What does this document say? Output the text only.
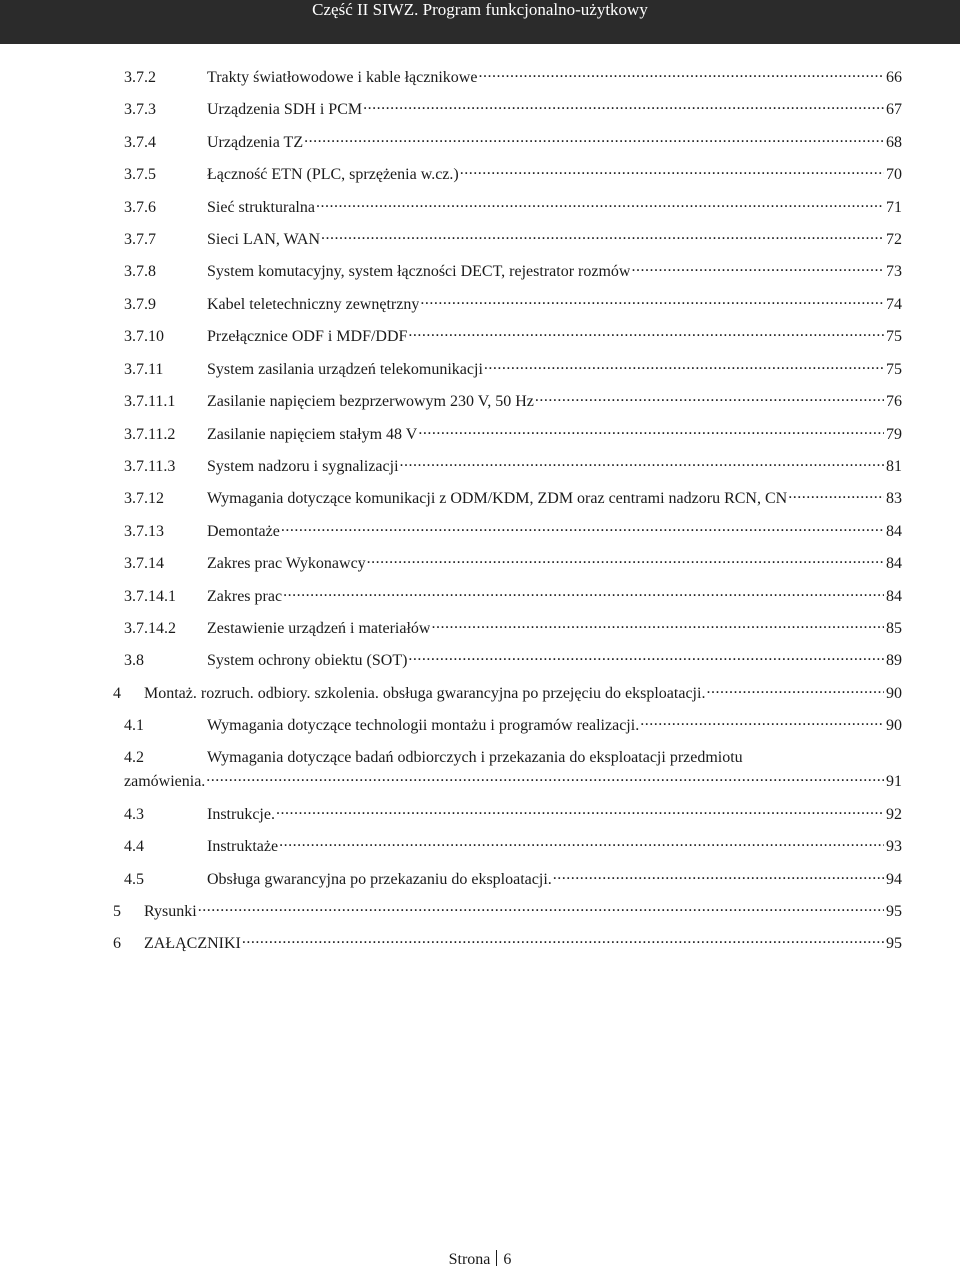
Część II SIWZ. Program funkcjonalno-użytkowy
3.7.2	Trakty światłowodowe i kable łącznikowe .....	66
3.7.3	Urządzenia SDH i PCM .....	67
3.7.4	Urządzenia TZ .....	68
3.7.5	Łączność ETN (PLC, sprzężenia w.cz.) .....	70
3.7.6	Sieć strukturalna .....	71
3.7.7	Sieci LAN, WAN .....	72
3.7.8	System komutacyjny, system łączności DECT, rejestrator rozmów .....	73
3.7.9	Kabel teletechniczny zewnętrzny .....	74
3.7.10	Przełącznice ODF i MDF/DDF .....	75
3.7.11	System zasilania urządzeń telekomunikacji .....	75
3.7.11.1	Zasilanie napięciem bezprzerwowym 230 V, 50 Hz .....	76
3.7.11.2	Zasilanie napięciem stałym 48 V .....	79
3.7.11.3	System nadzoru i sygnalizacji .....	81
3.7.12	Wymagania dotyczące komunikacji z ODM/KDM, ZDM oraz centrami nadzoru RCN, CN .....	83
3.7.13	Demontaże .....	84
3.7.14	Zakres prac Wykonawcy .....	84
3.7.14.1	Zakres prac .....	84
3.7.14.2	Zestawienie urządzeń i materiałów .....	85
3.8	System ochrony obiektu (SOT) .....	89
4	Montaż. rozruch. odbiory. szkolenia. obsługa gwarancyjna po przejęciu do eksploatacji. .....	90
4.1	Wymagania dotyczące technologii montażu i programów realizacji. .....	90
4.2	Wymagania dotyczące badań odbiorczych i przekazania do eksploatacji przedmiotu
zamówienia. .....	91
4.3	Instrukcje. .....	92
4.4	Instruktaże .....	93
4.5	Obsługa gwarancyjna po przekazaniu do eksploatacji. .....	94
5	Rysunki .....	95
6	ZAŁĄCZNIKI .....	95
Strona 6
